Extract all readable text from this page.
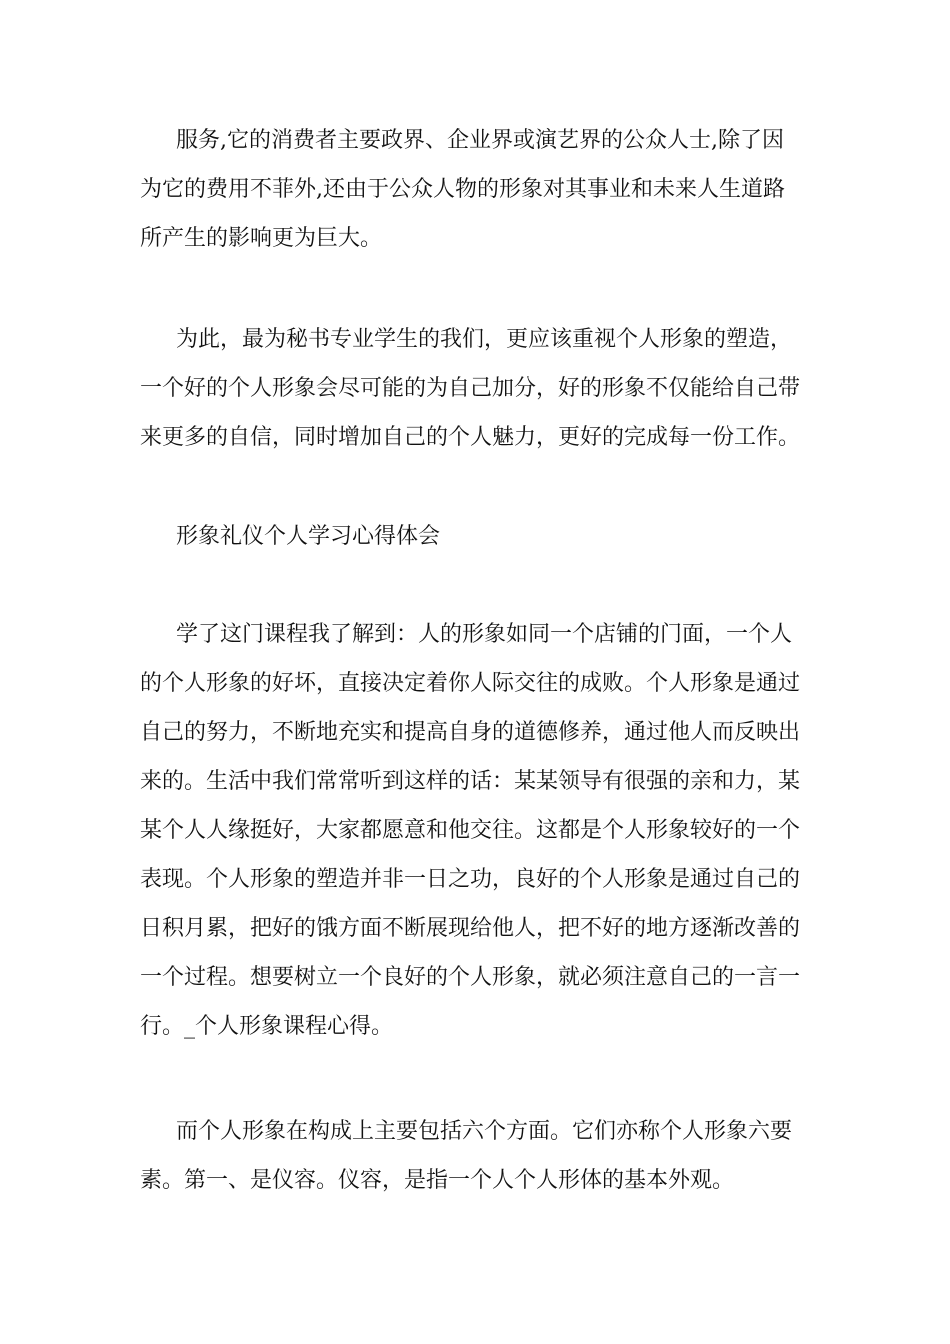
服务,它的消费者主要政界、企业界或演艺界的公众人士,除了因
为它的费用不菲外,还由于公众人物的形象对其事业和未来人生道路
所产生的影响更为巨大。

为此，最为秘书专业学生的我们，更应该重视个人形象的塑造，
一个好的个人形象会尽可能的为自己加分，好的形象不仅能给自己带
来更多的自信，同时增加自己的个人魅力，更好的完成每一份工作。

形象礼仪个人学习心得体会

学了这门课程我了解到：人的形象如同一个店铺的门面，一个人
的个人形象的好坏，直接决定着你人际交往的成败。个人形象是通过
自己的努力，不断地充实和提高自身的道德修养，通过他人而反映出
来的。生活中我们常常听到这样的话：某某领导有很强的亲和力，某
某个人人缘挺好，大家都愿意和他交往。这都是个人形象较好的一个
表现。个人形象的塑造并非一日之功，良好的个人形象是通过自己的
日积月累，把好的饿方面不断展现给他人，把不好的地方逐渐改善的
一个过程。想要树立一个良好的个人形象，就必须注意自己的一言一
行。_个人形象课程心得。

而个人形象在构成上主要包括六个方面。它们亦称个人形象六要
素。第一、是仪容。仪容，是指一个人个人形体的基本外观。
